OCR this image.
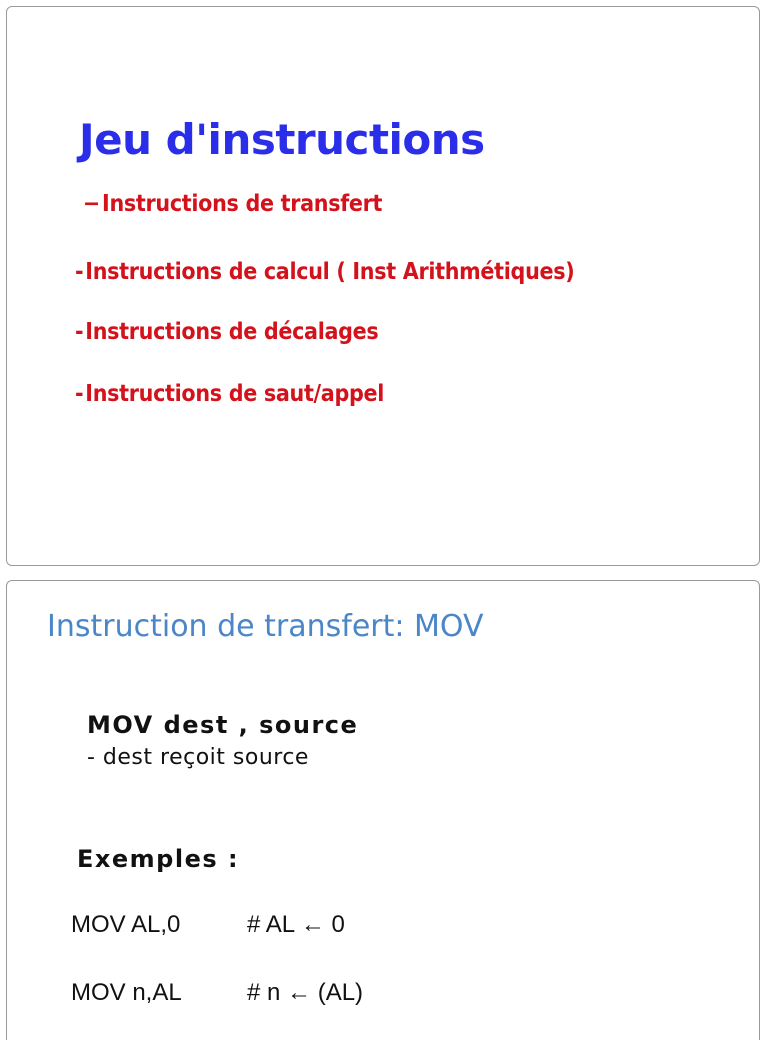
Jeu d'instructions
−Instructions de transfert
-Instructions de calcul ( Inst Arithmétiques)
-Instructions de décalages
-Instructions de saut/appel
Instruction de transfert: MOV
MOV dest , source
- dest reçoit source
Exemples :
MOV AL,0	# AL ← 0
MOV n,AL	# n ← (AL)
